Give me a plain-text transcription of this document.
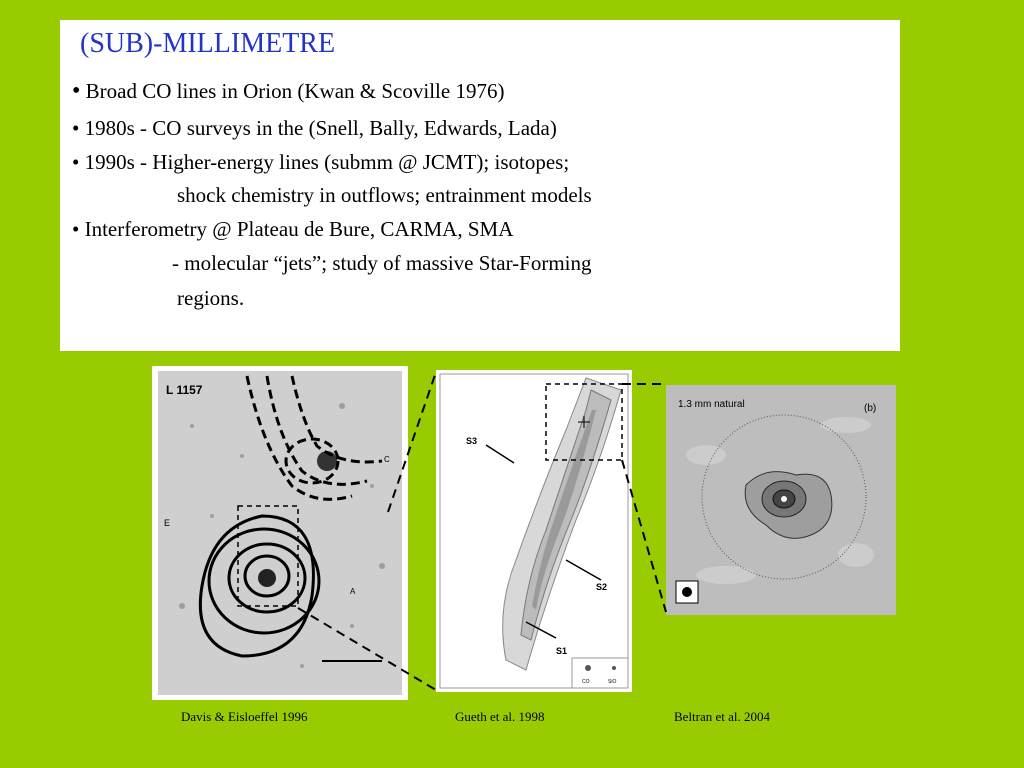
(SUB)-MILLIMETRE
• Broad CO lines in Orion (Kwan & Scoville 1976)
• 1980s - CO surveys in the (Snell, Bally, Edwards, Lada)
• 1990s - Higher-energy lines (submm @ JCMT); isotopes;
shock chemistry in outflows; entrainment models
• Interferometry @ Plateau de Bure, CARMA, SMA
- molecular “jets”; study of massive Star-Forming
regions.
L 1157
C
A
E
S3
S2
S1
CO	SiO
1.3 mm natural	(b)
Davis & Eisloeffel 1996	Gueth et al. 1998	Beltran et al. 2004
